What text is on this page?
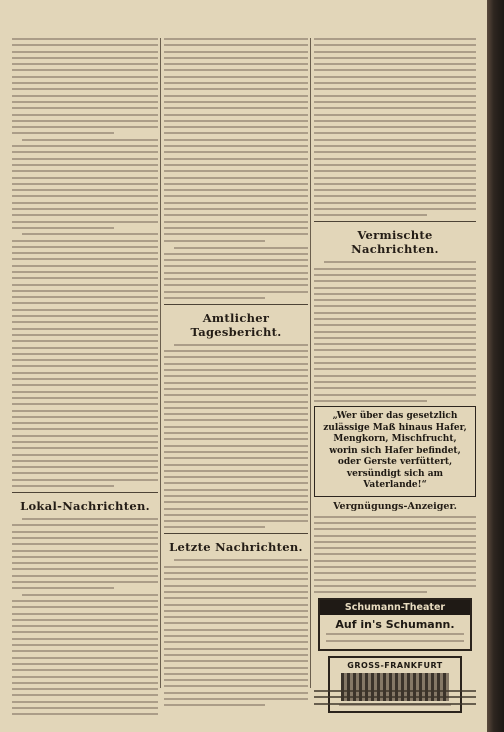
Lokal-Nachrichten.
Amtlicher Tagesbericht.
Letzte Nachrichten.
Vermischte Nachrichten.
„Wer über das gesetzlich zulässige Maß hinaus Hafer, Mengkorn, Mischfrucht, worin sich Hafer befindet, oder Gerste verfüttert, versündigt sich am Vaterlande!“
Vergnügungs-Anzeiger.
Schumann-Theater
Auf in's Schumann.
GROSS-FRANKFURT
